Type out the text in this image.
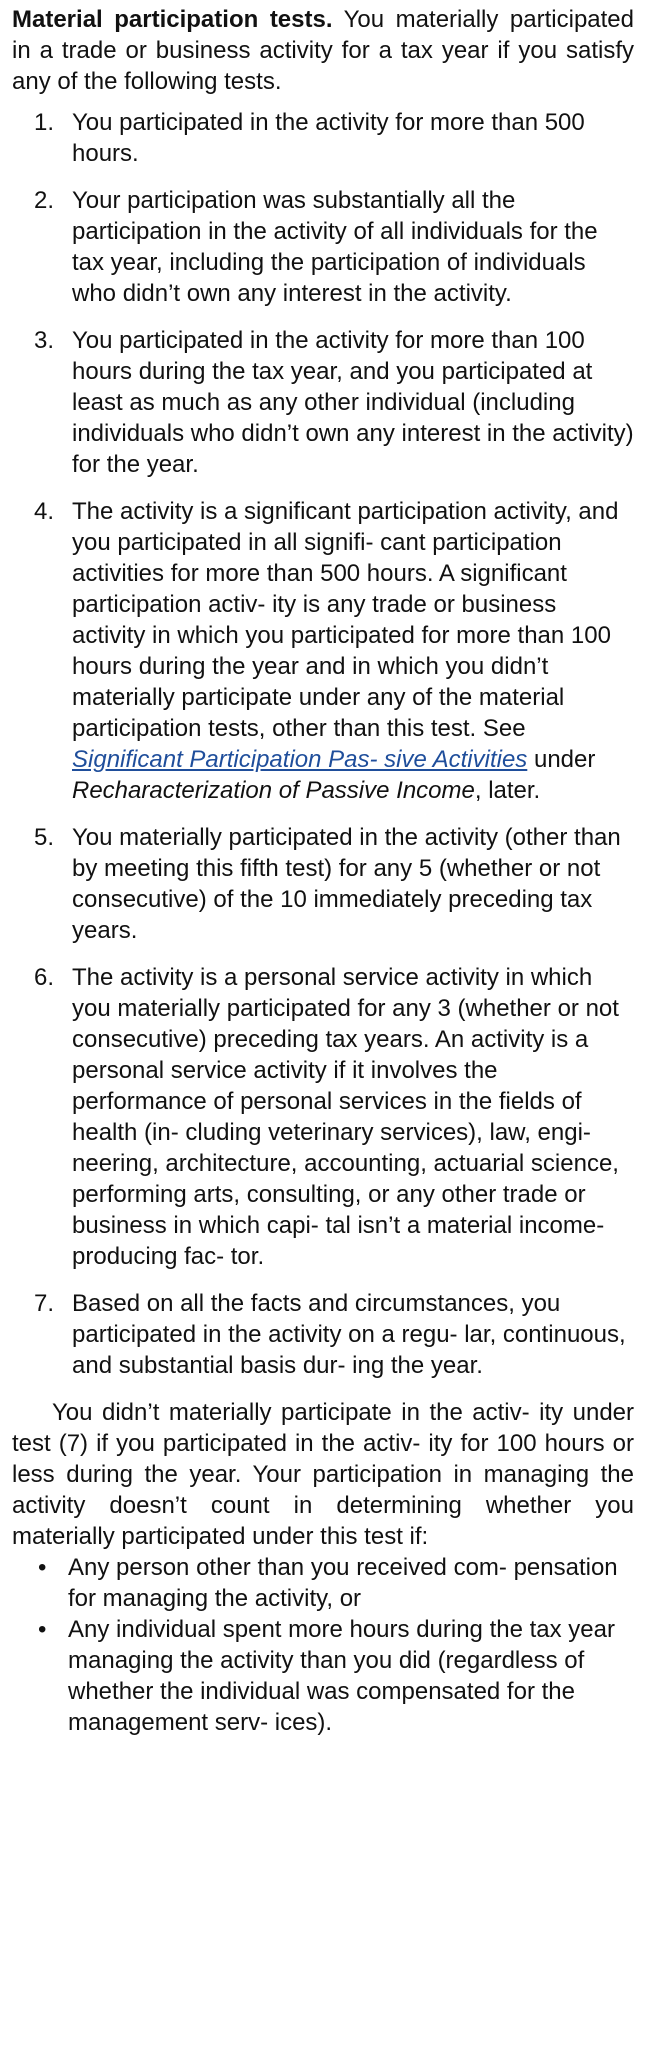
Material participation tests. You materially participated in a trade or business activity for a tax year if you satisfy any of the following tests.

1. You participated in the activity for more than 500 hours.
2. Your participation was substantially all the participation in the activity of all individuals for the tax year, including the participation of individuals who didn’t own any interest in the activity.
3. You participated in the activity for more than 100 hours during the tax year, and you participated at least as much as any other individual (including individuals who didn’t own any interest in the activity) for the year.
4. The activity is a significant participation activity, and you participated in all signifi- cant participation activities for more than 500 hours. A significant participation activ- ity is any trade or business activity in which you participated for more than 100 hours during the year and in which you didn’t materially participate under any of the material participation tests, other than this test. See Significant Participation Pas- sive Activities under Recharacterization of Passive Income, later.
5. You materially participated in the activity (other than by meeting this fifth test) for any 5 (whether or not consecutive) of the 10 immediately preceding tax years.
6. The activity is a personal service activity in which you materially participated for any 3 (whether or not consecutive) preceding tax years. An activity is a personal service activity if it involves the performance of personal services in the fields of health (in- cluding veterinary services), law, engi- neering, architecture, accounting, actuarial science, performing arts, consulting, or any other trade or business in which capi- tal isn’t a material income-producing fac- tor.
7. Based on all the facts and circumstances, you participated in the activity on a regu- lar, continuous, and substantial basis dur- ing the year.

You didn’t materially participate in the activ- ity under test (7) if you participated in the activ- ity for 100 hours or less during the year. Your participation in managing the activity doesn’t count in determining whether you materially participated under this test if:

• Any person other than you received com- pensation for managing the activity, or
• Any individual spent more hours during the tax year managing the activity than you did (regardless of whether the individual was compensated for the management serv- ices).
